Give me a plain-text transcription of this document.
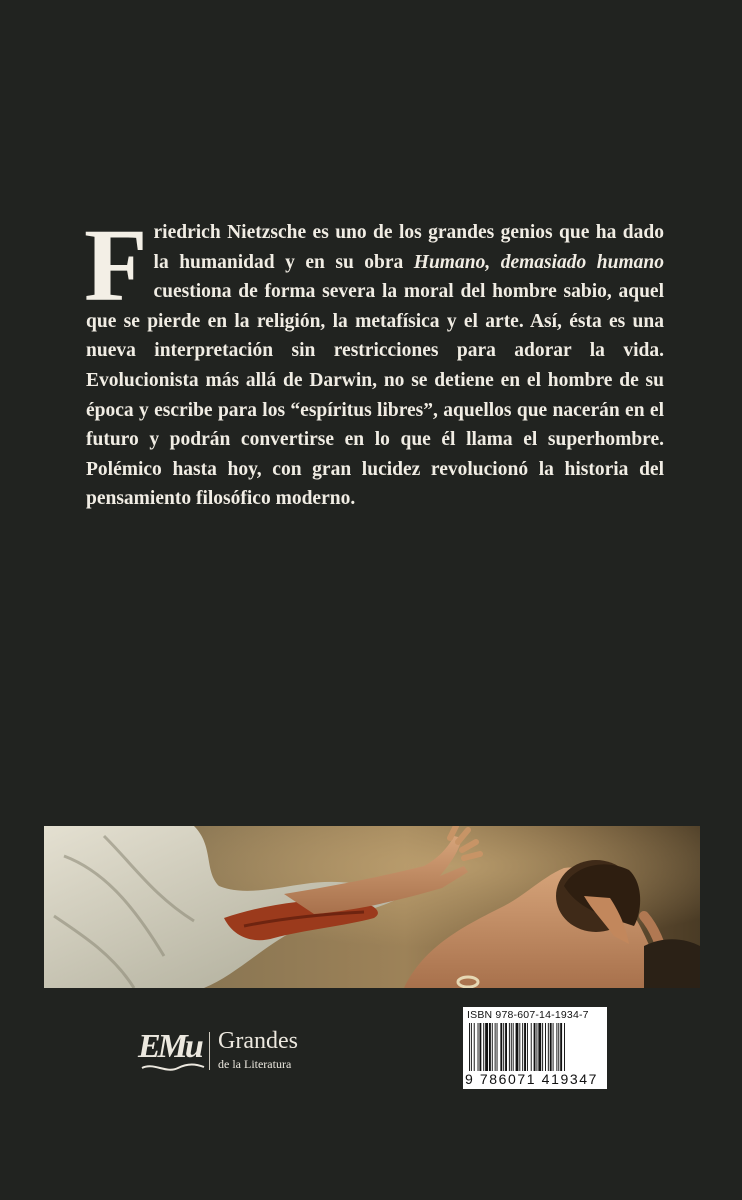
Friedrich Nietzsche es uno de los grandes genios que ha dado la humanidad y en su obra Humano, demasiado humano cuestiona de forma severa la moral del hombre sabio, aquel que se pierde en la religión, la metafísica y el arte. Así, ésta es una nueva interpretación sin restricciones para adorar la vida. Evolucionista más allá de Darwin, no se detiene en el hombre de su época y escribe para los “espíritus libres”, aquellos que nacerán en el futuro y podrán convertirse en lo que él llama el superhombre. Polémico hasta hoy, con gran lucidez revolucionó la historia del pensamiento filosófico moderno.

EMu Grandes
de la Literatura
ISBN 978-607-14-1934-7
9 786071 419347
